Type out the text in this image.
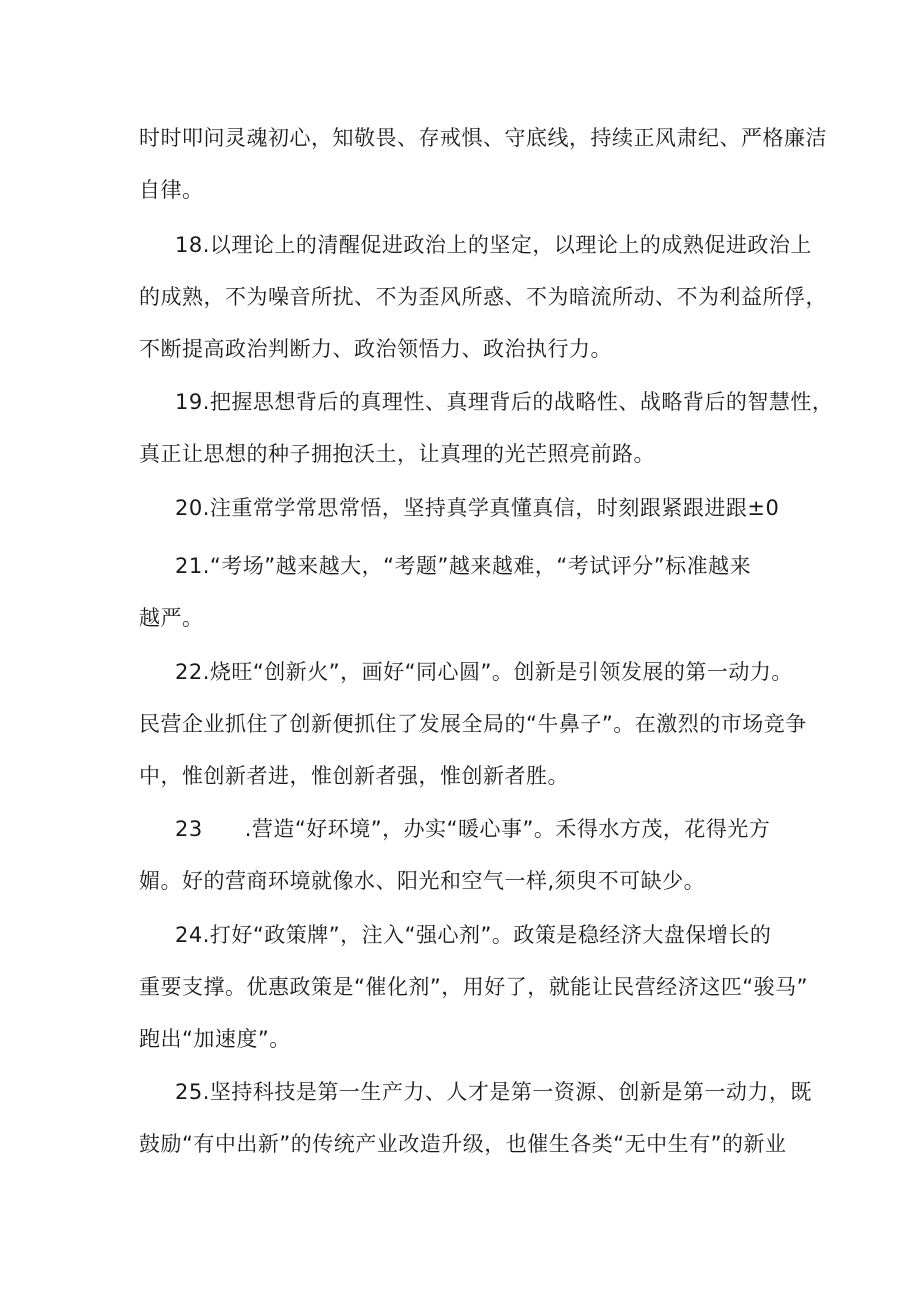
时时叩问灵魂初心，知敬畏、存戒惧、守底线，持续正风肃纪、严格廉洁
自律。
18.以理论上的清醒促进政治上的坚定，以理论上的成熟促进政治上
的成熟，不为噪音所扰、不为歪风所惑、不为暗流所动、不为利益所俘，
不断提高政治判断力、政治领悟力、政治执行力。
19.把握思想背后的真理性、真理背后的战略性、战略背后的智慧性，
真正让思想的种子拥抱沃土，让真理的光芒照亮前路。
20.注重常学常思常悟，坚持真学真懂真信，时刻跟紧跟进跟±0
21.“考场”越来越大，“考题”越来越难，“考试评分”标准越来
越严。
22.烧旺“创新火”，画好“同心圆”。创新是引领发展的第一动力。
民营企业抓住了创新便抓住了发展全局的“牛鼻子”。在激烈的市场竞争
中，惟创新者进，惟创新者强，惟创新者胜。
23 .营造“好环境”，办实“暖心事”。禾得水方茂，花得光方
媚。好的营商环境就像水、阳光和空气一样,须臾不可缺少。
24.打好“政策牌”，注入“强心剂”。政策是稳经济大盘保增长的
重要支撑。优惠政策是“催化剂”，用好了，就能让民营经济这匹“骏马”
跑出“加速度”。
25.坚持科技是第一生产力、人才是第一资源、创新是第一动力，既
鼓励“有中出新”的传统产业改造升级，也催生各类“无中生有”的新业
